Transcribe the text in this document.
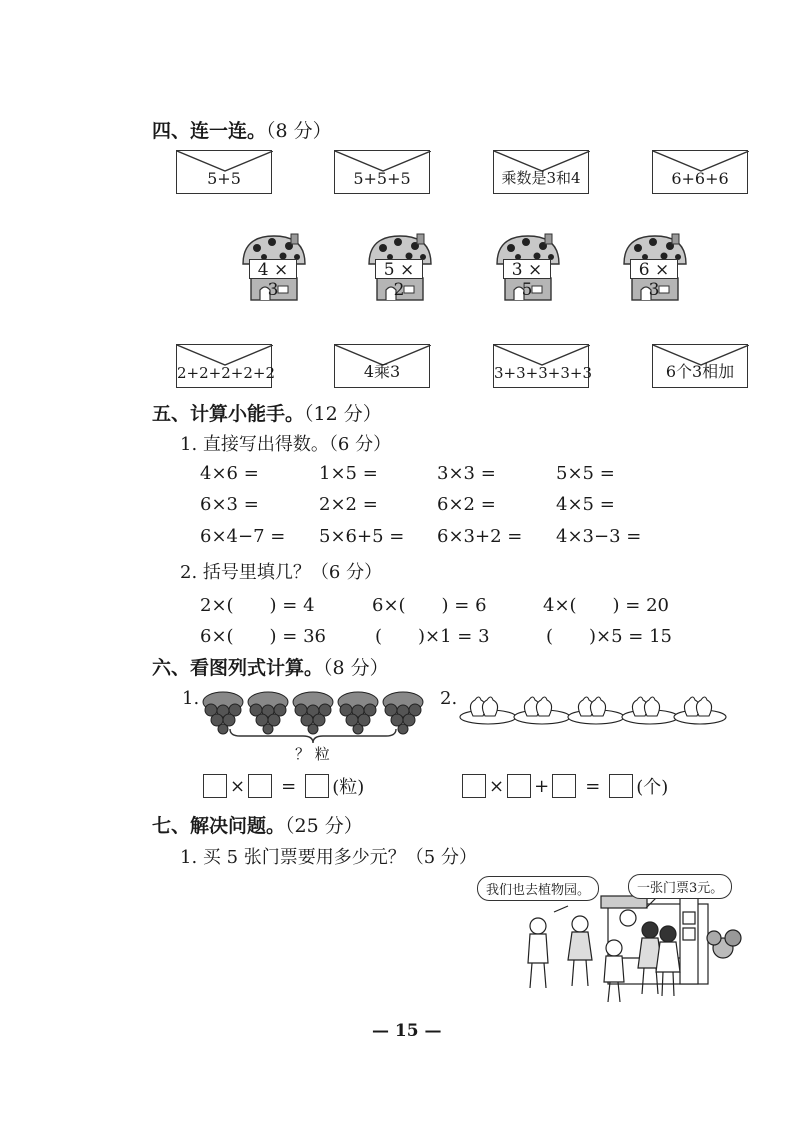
四、连一连。（8 分）
5+5	5+5+5	乘数是3和4	6+6+6
4 × 3
5 × 2
3 × 5
6 × 3
2+2+2+2+2	4乘3	3+3+3+3+3	6个3相加
五、计算小能手。（12 分）
1. 直接写出得数。（6 分）
4×6 =	1×5 =	3×3 =	5×5 =
6×3 =	2×2 =	6×2 =	4×5 =
6×4−7 = 5×6+5 = 6×3+2 = 4×3−3 =
2. 括号里填几？（6 分）
2×(　　) = 4	6×(　　) = 6	4×(　　) = 20
6×(　　) = 36	(　　)×1 = 3	(　　)×5 = 15
六、看图列式计算。（8 分）
1.
？ 粒
× = (粒)
2.
× + = (个)
七、解决问题。（25 分）
1. 买 5 张门票要用多少元？（5 分）
我们也去植物园。	一张门票3元。
— 15 —
